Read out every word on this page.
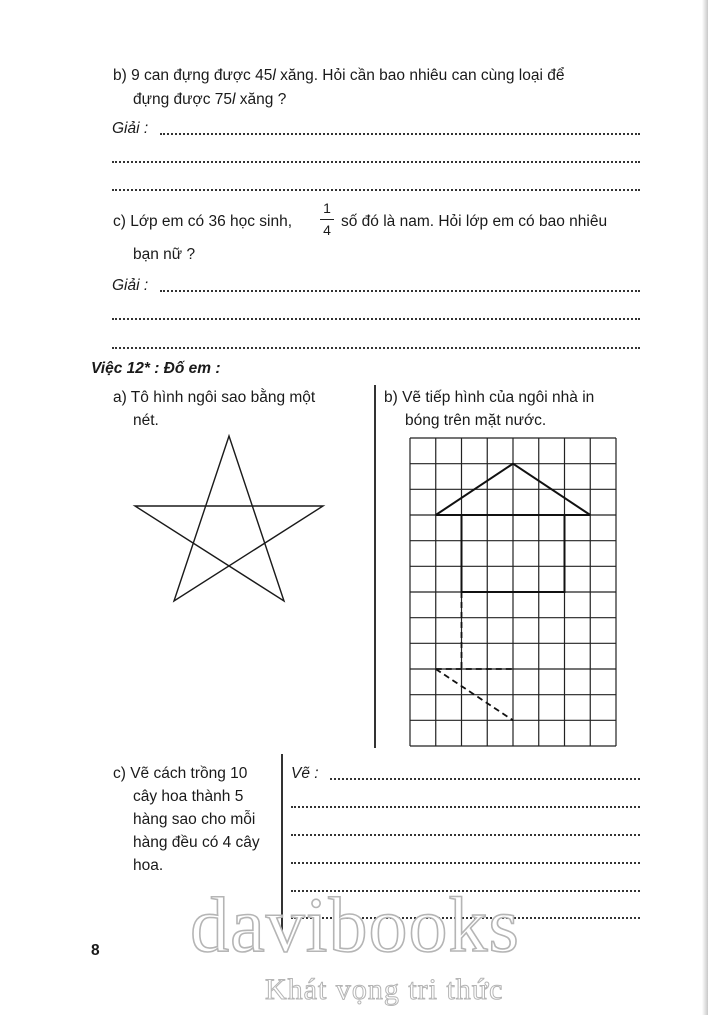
b) 9 can đựng được 45l xăng. Hỏi cần bao nhiêu can cùng loại để
đựng được 75l xăng ?
Giải :
c) Lớp em có 36 học sinh,
1
4 số đó là nam. Hỏi lớp em có bao nhiêu
bạn nữ ?
Giải :
Việc 12* : Đố em :
a) Tô hình ngôi sao bằng một
nét.
b) Vẽ tiếp hình của ngôi nhà in
bóng trên mặt nước.
c) Vẽ cách trồng 10
cây hoa thành 5
hàng sao cho mỗi
hàng đều có 4 cây
hoa.
Vẽ :
8	davibooks
Khát vọng tri thức
